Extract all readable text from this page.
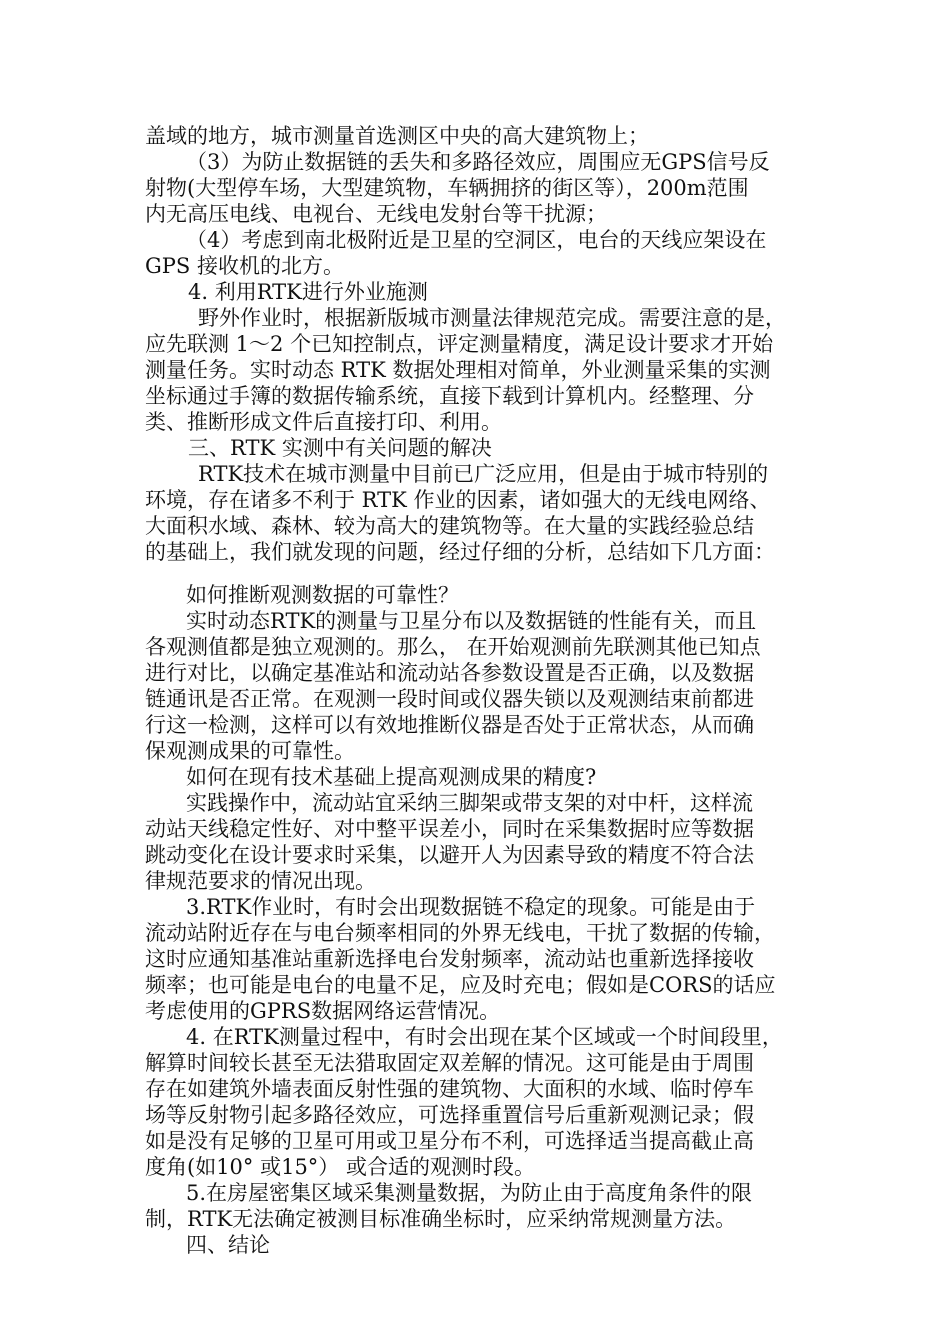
盖域的地方，城市测量首选测区中央的高大建筑物上；
（3）为防止数据链的丢失和多路径效应，周围应无GPS信号反
射物(大型停车场，大型建筑物，车辆拥挤的街区等），200m范围
内无高压电线、电视台、无线电发射台等干扰源；
（4）考虑到南北极附近是卫星的空洞区，电台的天线应架设在
GPS 接收机的北方。
4. 利用RTK进行外业施测
野外作业时，根据新版城市测量法律规范完成。需要注意的是，
应先联测 1～2 个已知控制点，评定测量精度，满足设计要求才开始
测量任务。实时动态 RTK 数据处理相对简单，外业测量采集的实测
坐标通过手簿的数据传输系统，直接下载到计算机内。经整理、分
类、推断形成文件后直接打印、利用。
三、RTK 实测中有关问题的解决
RTK技术在城市测量中目前已广泛应用，但是由于城市特别的
环境，存在诸多不利于 RTK 作业的因素，诸如强大的无线电网络、
大面积水域、森林、较为高大的建筑物等。在大量的实践经验总结
的基础上，我们就发现的问题，经过仔细的分析，总结如下几方面：
如何推断观测数据的可靠性？
实时动态RTK的测量与卫星分布以及数据链的性能有关，而且
各观测值都是独立观测的。那么， 在开始观测前先联测其他已知点
进行对比，以确定基准站和流动站各参数设置是否正确，以及数据
链通讯是否正常。在观测一段时间或仪器失锁以及观测结束前都进
行这一检测，这样可以有效地推断仪器是否处于正常状态，从而确
保观测成果的可靠性。
如何在现有技术基础上提高观测成果的精度?
实践操作中，流动站宜采纳三脚架或带支架的对中杆，这样流
动站天线稳定性好、对中整平误差小，同时在采集数据时应等数据
跳动变化在设计要求时采集，以避开人为因素导致的精度不符合法
律规范要求的情况出现。
3.RTK作业时，有时会出现数据链不稳定的现象。可能是由于
流动站附近存在与电台频率相同的外界无线电，干扰了数据的传输，
这时应通知基准站重新选择电台发射频率，流动站也重新选择接收
频率；也可能是电台的电量不足，应及时充电；假如是CORS的话应
考虑使用的GPRS数据网络运营情况。
4. 在RTK测量过程中，有时会出现在某个区域或一个时间段里，
解算时间较长甚至无法猎取固定双差解的情况。这可能是由于周围
存在如建筑外墙表面反射性强的建筑物、大面积的水域、临时停车
场等反射物引起多路径效应，可选择重置信号后重新观测记录；假
如是没有足够的卫星可用或卫星分布不利，可选择适当提高截止高
度角(如10° 或15°） 或合适的观测时段。
5.在房屋密集区域采集测量数据，为防止由于高度角条件的限
制，RTK无法确定被测目标准确坐标时，应采纳常规测量方法。
四、结论
